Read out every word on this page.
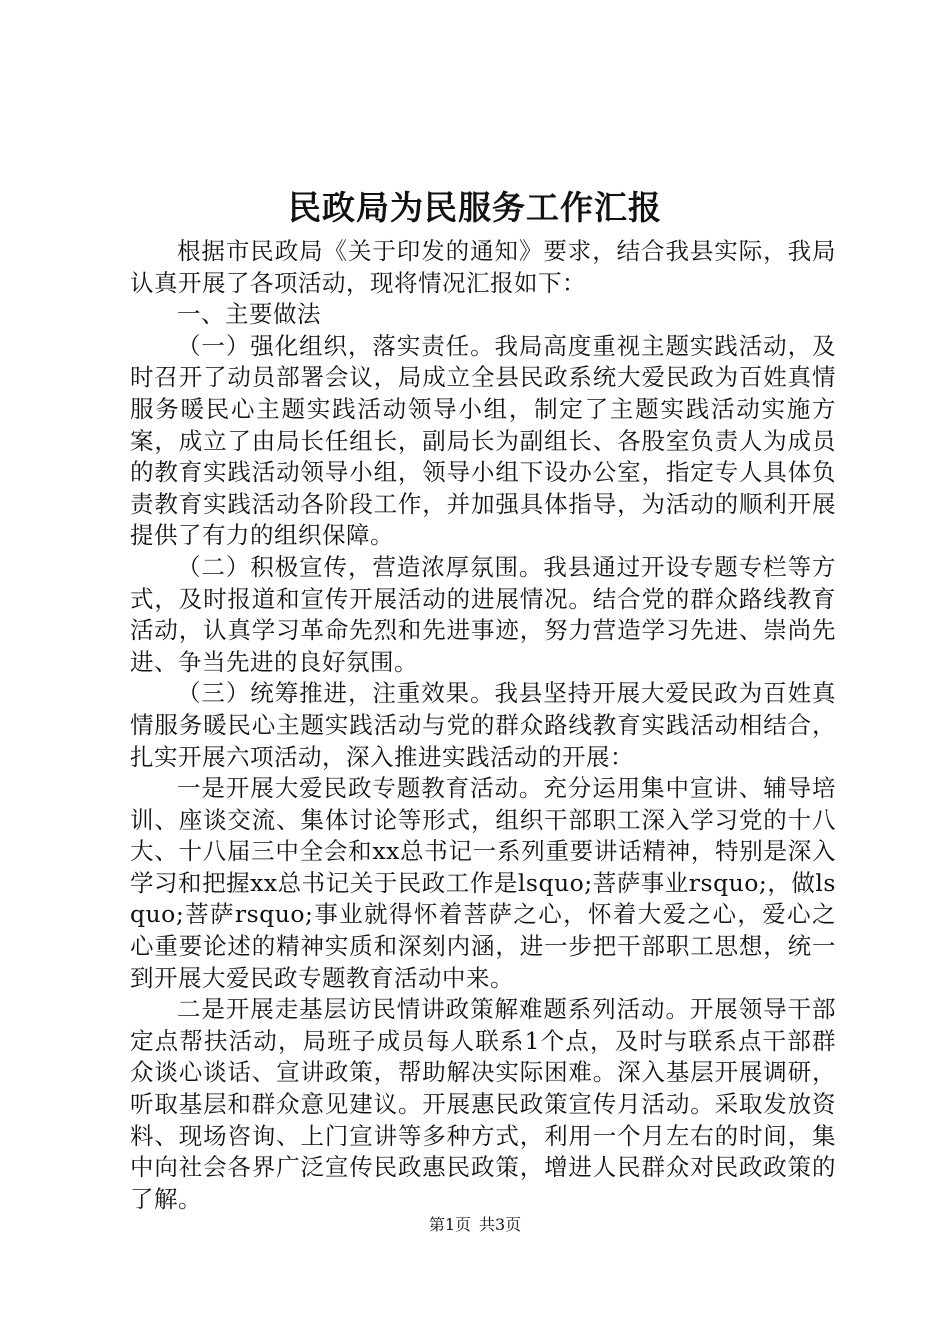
民政局为民服务工作汇报

根据市民政局《关于印发的通知》要求，结合我县实际，我局认真开展了各项活动，现将情况汇报如下：

一、主要做法

（一）强化组织，落实责任。我局高度重视主题实践活动，及时召开了动员部署会议，局成立全县民政系统大爱民政为百姓真情服务暖民心主题实践活动领导小组，制定了主题实践活动实施方案，成立了由局长任组长，副局长为副组长、各股室负责人为成员的教育实践活动领导小组，领导小组下设办公室，指定专人具体负责教育实践活动各阶段工作，并加强具体指导，为活动的顺利开展提供了有力的组织保障。

（二）积极宣传，营造浓厚氛围。我县通过开设专题专栏等方式，及时报道和宣传开展活动的进展情况。结合党的群众路线教育活动，认真学习革命先烈和先进事迹，努力营造学习先进、崇尚先进、争当先进的良好氛围。

（三）统筹推进，注重效果。我县坚持开展大爱民政为百姓真情服务暖民心主题实践活动与党的群众路线教育实践活动相结合，扎实开展六项活动，深入推进实践活动的开展：

一是开展大爱民政专题教育活动。充分运用集中宣讲、辅导培训、座谈交流、集体讨论等形式，组织干部职工深入学习党的十八大、十八届三中全会和xx总书记一系列重要讲话精神，特别是深入学习和把握xx总书记关于民政工作是lsquo;菩萨事业rsquo;，做lsquo;菩萨rsquo;事业就得怀着菩萨之心，怀着大爱之心，爱心之心重要论述的精神实质和深刻内涵，进一步把干部职工思想，统一到开展大爱民政专题教育活动中来。

二是开展走基层访民情讲政策解难题系列活动。开展领导干部定点帮扶活动，局班子成员每人联系1个点，及时与联系点干部群众谈心谈话、宣讲政策，帮助解决实际困难。深入基层开展调研，听取基层和群众意见建议。开展惠民政策宣传月活动。采取发放资料、现场咨询、上门宣讲等多种方式，利用一个月左右的时间，集中向社会各界广泛宣传民政惠民政策，增进人民群众对民政政策的了解。

第1页 共3页
